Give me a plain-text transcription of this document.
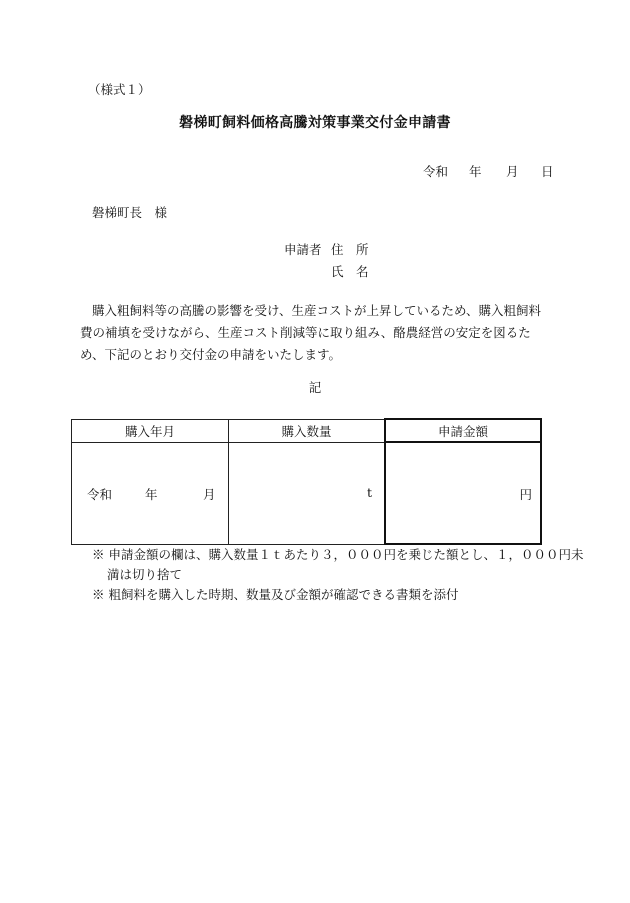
（様式１）
磐梯町飼料価格高騰対策事業交付金申請書
令和 年 月 日
磐梯町長　様
申請者 住　所
氏　名

購入粗飼料等の高騰の影響を受け、生産コストが上昇しているため、購入粗飼料費の補填を受けながら、生産コスト削減等に取り組み、酪農経営の安定を図るため、下記のとおり交付金の申請をいたします。

記
購入年月	購入数量	申請金額

令和 年 月	t	円
※ 申請金額の欄は、購入数量１ｔあたり３，０００円を乗じた額とし、１，０００円未
満は切り捨て
※ 粗飼料を購入した時期、数量及び金額が確認できる書類を添付
